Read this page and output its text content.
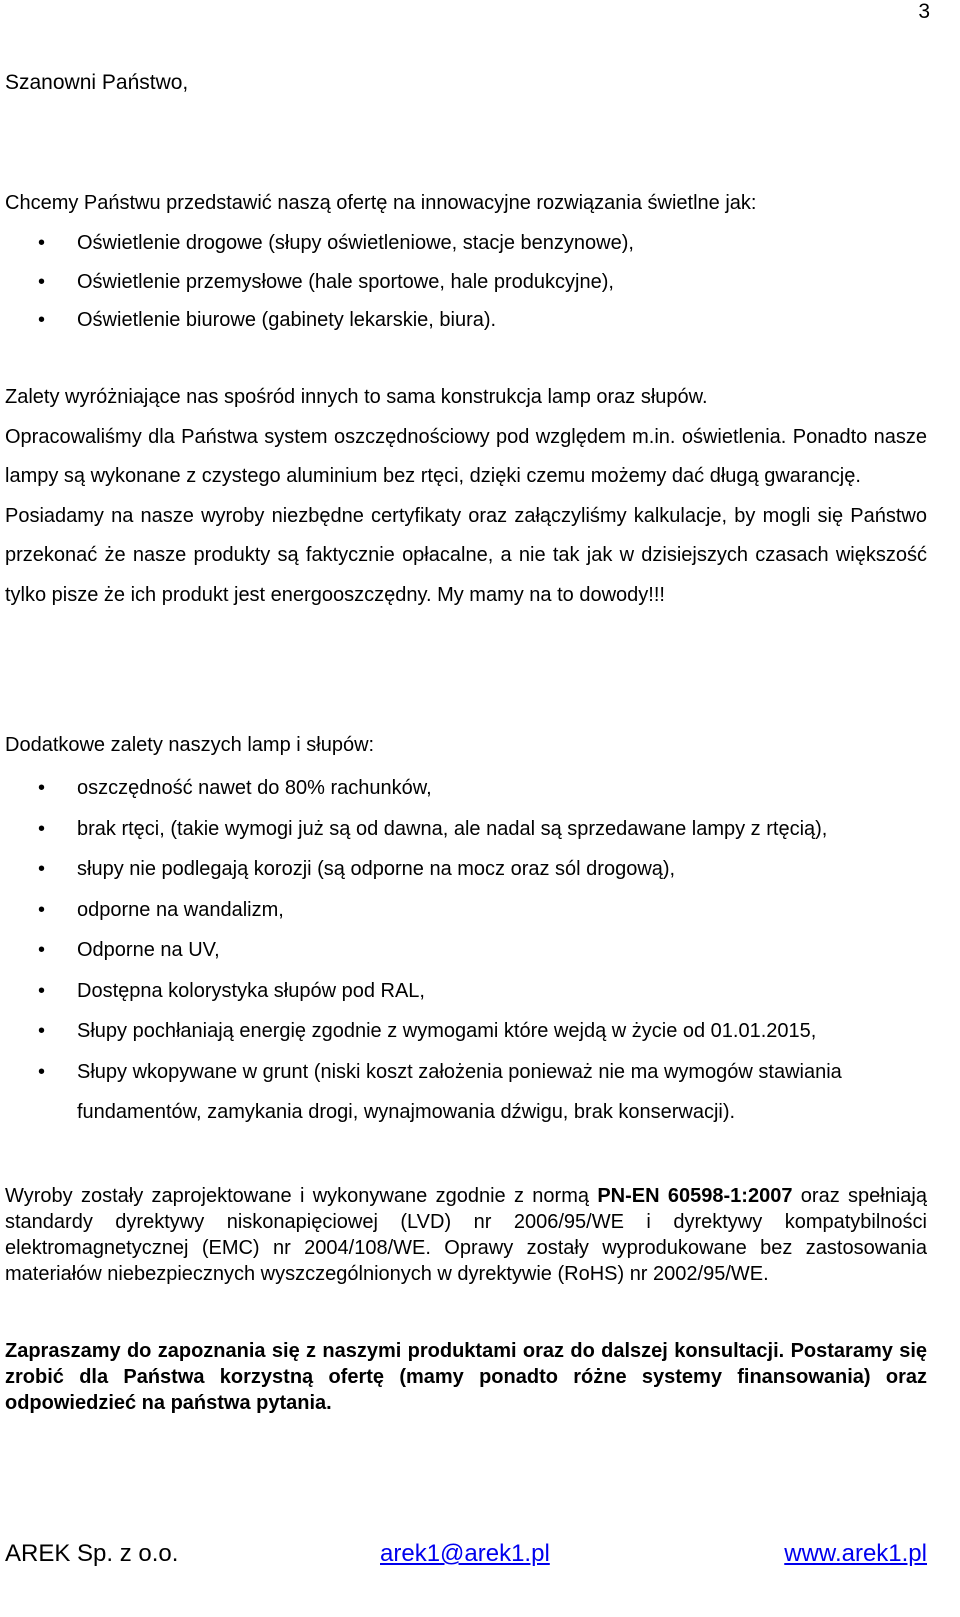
3
Szanowni Państwo,
Chcemy Państwu przedstawić naszą ofertę na innowacyjne rozwiązania świetlne jak:
• Oświetlenie drogowe (słupy oświetleniowe, stacje benzynowe),
• Oświetlenie przemysłowe (hale sportowe, hale produkcyjne),
• Oświetlenie biurowe (gabinety lekarskie, biura).
Zalety wyróżniające nas spośród innych to sama konstrukcja lamp oraz słupów.
Opracowaliśmy dla Państwa system oszczędnościowy pod względem m.in. oświetlenia. Ponadto nasze lampy są wykonane z czystego aluminium bez rtęci, dzięki czemu możemy dać długą gwarancję.
Posiadamy na nasze wyroby niezbędne certyfikaty oraz załączyliśmy kalkulacje, by mogli się Państwo przekonać że nasze produkty są faktycznie opłacalne, a nie tak jak w dzisiejszych czasach większość tylko pisze że ich produkt jest energooszczędny. My mamy na to dowody!!!
Dodatkowe zalety naszych lamp i słupów:
• oszczędność nawet do 80% rachunków,
• brak rtęci, (takie wymogi już są od dawna, ale nadal są sprzedawane lampy z rtęcią),
• słupy nie podlegają korozji (są odporne na mocz oraz sól drogową),
• odporne na wandalizm,
• Odporne na UV,
• Dostępna kolorystyka słupów pod RAL,
• Słupy pochłaniają energię zgodnie z wymogami które wejdą w życie od 01.01.2015,
• Słupy wkopywane w grunt (niski koszt założenia ponieważ nie ma wymogów stawiania fundamentów, zamykania drogi, wynajmowania dźwigu, brak konserwacji).
Wyroby zostały zaprojektowane i wykonywane zgodnie z normą PN-EN 60598-1:2007 oraz spełniają standardy dyrektywy niskonapięciowej (LVD) nr 2006/95/WE i dyrektywy kompatybilności elektromagnetycznej (EMC) nr 2004/108/WE. Oprawy zostały wyprodukowane bez zastosowania materiałów niebezpiecznych wyszczególnionych w dyrektywie (RoHS) nr 2002/95/WE.
Zapraszamy do zapoznania się z naszymi produktami oraz do dalszej konsultacji. Postaramy się zrobić dla Państwa korzystną ofertę (mamy ponadto różne systemy finansowania) oraz odpowiedzieć na państwa pytania.
AREK Sp. z o.o.	arek1@arek1.pl	www.arek1.pl
